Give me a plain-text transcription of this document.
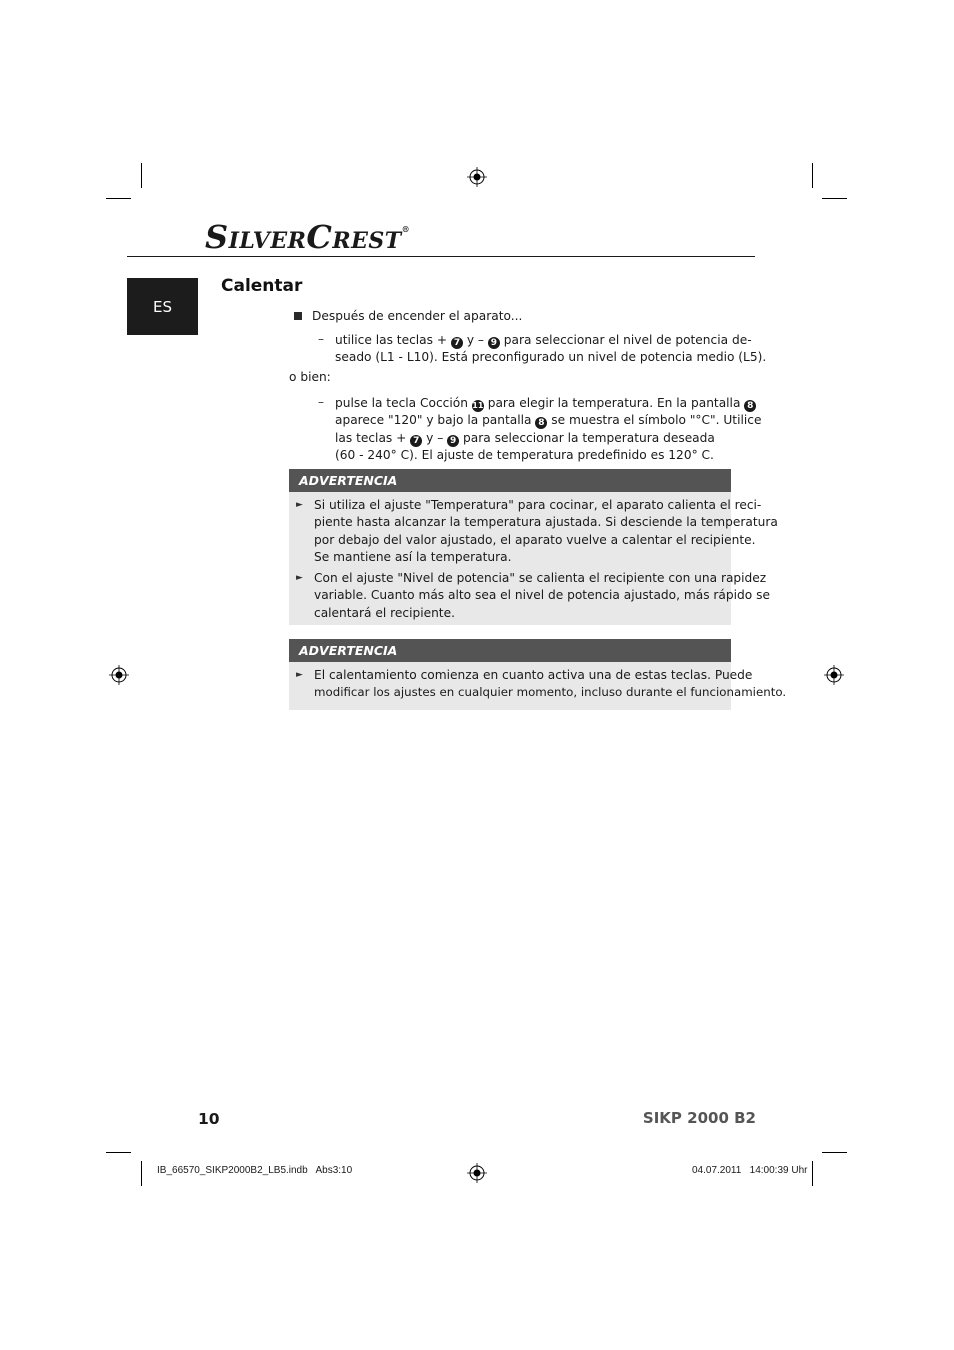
SILVERCREST®
ES
Calentar
Después de encender el aparato...
– utilice las teclas + 7 y – 9 para seleccionar el nivel de potencia de-
seado (L1 - L10). Está preconfigurado un nivel de potencia medio (L5).
o bien:
– pulse la tecla Cocción 11 para elegir la temperatura. En la pantalla 8
aparece "120" y bajo la pantalla 8 se muestra el símbolo "°C". Utilice
las teclas + 7 y – 9 para seleccionar la temperatura deseada
(60 - 240° C). El ajuste de temperatura predefinido es 120° C.
ADVERTENCIA
► Si utiliza el ajuste "Temperatura" para cocinar, el aparato calienta el reci-
piente hasta alcanzar la temperatura ajustada. Si desciende la temperatura
por debajo del valor ajustado, el aparato vuelve a calentar el recipiente.
Se mantiene así la temperatura.
► Con el ajuste "Nivel de potencia" se calienta el recipiente con una rapidez
variable. Cuanto más alto sea el nivel de potencia ajustado, más rápido se
calentará el recipiente.
ADVERTENCIA
► El calentamiento comienza en cuanto activa una de estas teclas. Puede
modificar los ajustes en cualquier momento, incluso durante el funcionamiento.
10	SIKP 2000 B2
IB_66570_SIKP2000B2_LB5.indb   Abs3:10	04.07.2011   14:00:39 Uhr
